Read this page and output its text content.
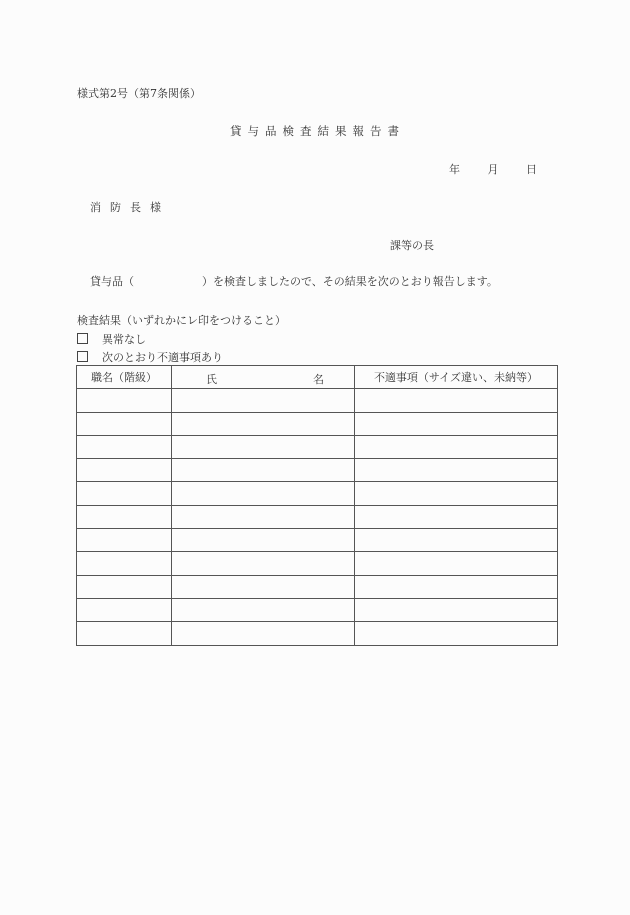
様式第2号（第7条関係）
貸与品検査結果報告書
年	月	日
消防長様
課等の長
貸与品（	）を検査しましたので、その結果を次のとおり報告します。
検査結果（いずれかにレ印をつけること）
異常なし
次のとおり不適事項あり
職名（階級）	氏 名	不適事項（サイズ違い、未納等）
